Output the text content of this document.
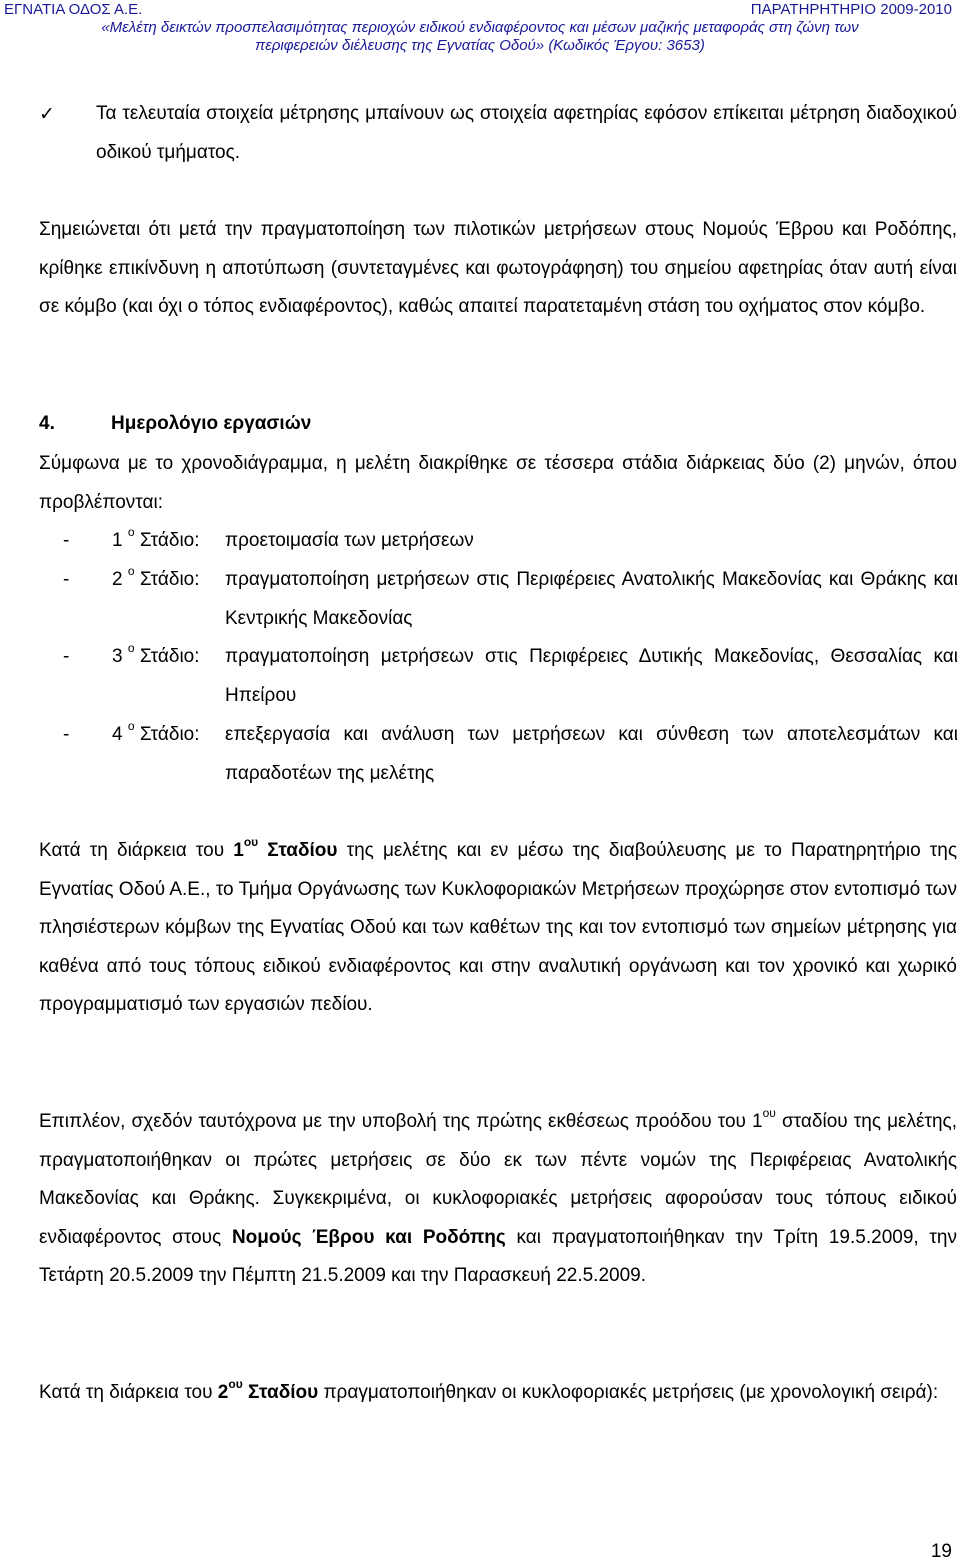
ΕΓΝΑΤΙΑ ΟΔΟΣ Α.Ε.	ΠΑΡΑΤΗΡΗΤΗΡΙΟ 2009-2010
«Μελέτη δεικτών προσπελασιμότητας περιοχών ειδικού ενδιαφέροντος και μέσων μαζικής μεταφοράς στη ζώνη των
περιφερειών διέλευσης της Εγνατίας Οδού» (Κωδικός Έργου: 3653)
✓ Τα τελευταία στοιχεία μέτρησης μπαίνουν ως στοιχεία αφετηρίας εφόσον επίκειται μέτρηση διαδοχικού οδικού τμήματος.

Σημειώνεται ότι μετά την πραγματοποίηση των πιλοτικών μετρήσεων στους Νομούς Έβρου και Ροδόπης, κρίθηκε επικίνδυνη η αποτύπωση (συντεταγμένες και φωτογράφηση) του σημείου αφετηρίας όταν αυτή είναι σε κόμβο (και όχι ο τόπος ενδιαφέροντος), καθώς απαιτεί παρατεταμένη στάση του οχήματος στον κόμβο.

4.	Ημερολόγιο εργασιών

Σύμφωνα με το χρονοδιάγραμμα, η μελέτη διακρίθηκε σε τέσσερα στάδια διάρκειας δύο (2) μηνών, όπου προβλέπονται:

- 1 $^o$ Στάδιο: προετοιμασία των μετρήσεων
- 2 $^o$ Στάδιο: πραγματοποίηση μετρήσεων στις Περιφέρειες Ανατολικής Μακεδονίας και Θράκης και Κεντρικής Μακεδονίας
- 3 $^o$ Στάδιο: πραγματοποίηση μετρήσεων στις Περιφέρειες Δυτικής Μακεδονίας, Θεσσαλίας και Ηπείρου
- 4 $^o$ Στάδιο: επεξεργασία και ανάλυση των μετρήσεων και σύνθεση των αποτελεσμάτων και παραδοτέων της μελέτης

Κατά τη διάρκεια του $1^{o\upsilon}$ Σταδίου της μελέτης και εν μέσω της διαβούλευσης με το Παρατηρητήριο της Εγνατίας Οδού Α.Ε., το Τμήμα Οργάνωσης των Κυκλοφοριακών Μετρήσεων προχώρησε στον εντοπισμό των πλησιέστερων κόμβων της Εγνατίας Οδού και των καθέτων της και τον εντοπισμό των σημείων μέτρησης για καθένα από τους τόπους ειδικού ενδιαφέροντος και στην αναλυτική οργάνωση και τον χρονικό και χωρικό προγραμματισμό των εργασιών πεδίου.

Επιπλέον, σχεδόν ταυτόχρονα με την υποβολή της πρώτης εκθέσεως προόδου του $1^{o\upsilon}$ σταδίου της μελέτης, πραγματοποιήθηκαν οι πρώτες μετρήσεις σε δύο εκ των πέντε νομών της Περιφέρειας Ανατολικής Μακεδονίας και Θράκης. Συγκεκριμένα, οι κυκλοφοριακές μετρήσεις αφορούσαν τους τόπους ειδικού ενδιαφέροντος στους Νομούς Έβρου και Ροδόπης και πραγματοποιήθηκαν την Τρίτη 19.5.2009, την Τετάρτη 20.5.2009 την Πέμπτη 21.5.2009 και την Παρασκευή 22.5.2009.

Κατά τη διάρκεια του $2^{o\upsilon}$ Σταδίου πραγματοποιήθηκαν οι κυκλοφοριακές μετρήσεις (με χρονολογική σειρά):

19
